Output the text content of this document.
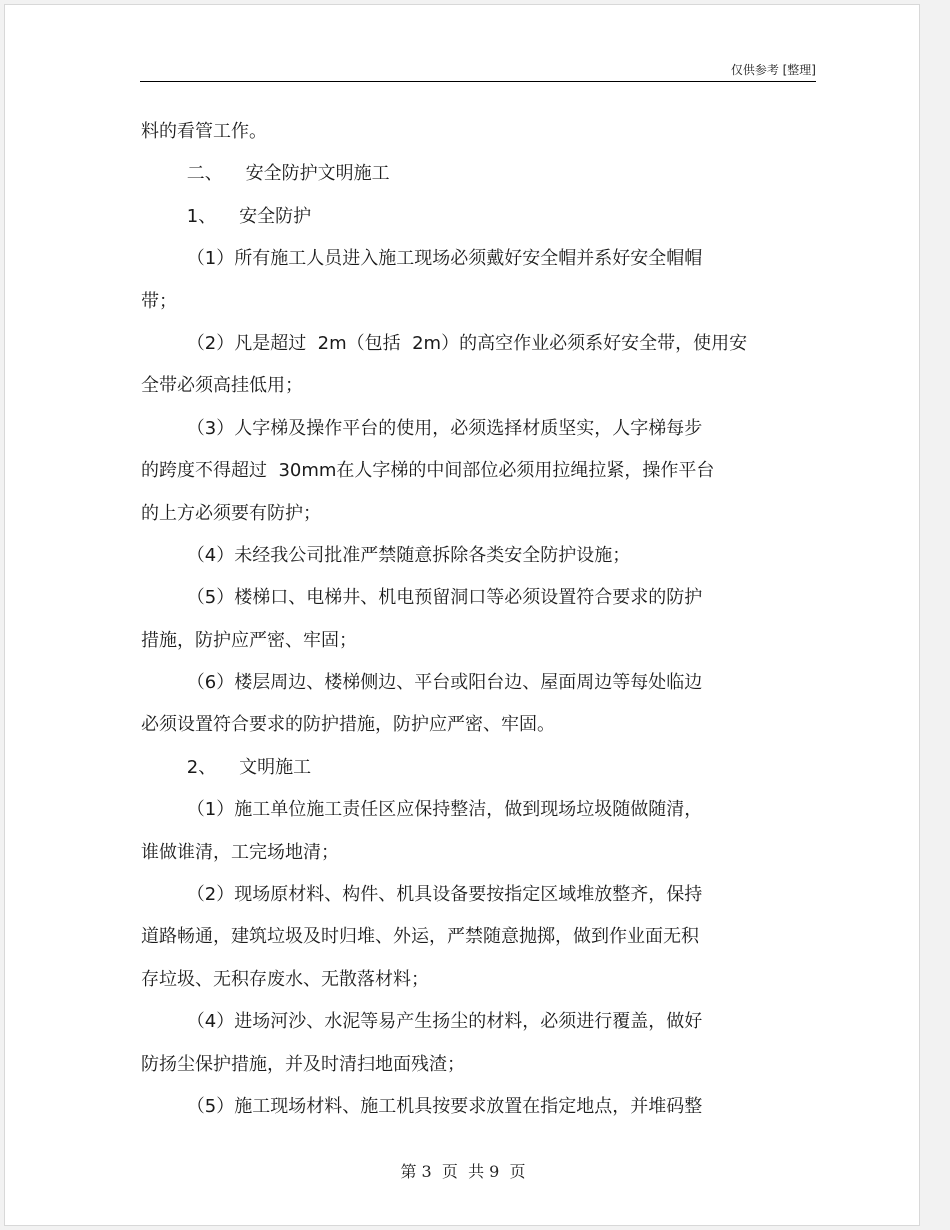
仅供参考 [整理]
料的看管工作。
二、    安全防护文明施工
1、    安全防护
（1）所有施工人员进入施工现场必须戴好安全帽并系好安全帽帽
带；
（2）凡是超过  2m（包括  2m）的高空作业必须系好安全带，使用安
全带必须高挂低用；
（3）人字梯及操作平台的使用，必须选择材质坚实，人字梯每步
的跨度不得超过  30mm在人字梯的中间部位必须用拉绳拉紧，操作平台
的上方必须要有防护；
（4）未经我公司批准严禁随意拆除各类安全防护设施；
（5）楼梯口、电梯井、机电预留洞口等必须设置符合要求的防护
措施，防护应严密、牢固；
（6）楼层周边、楼梯侧边、平台或阳台边、屋面周边等每处临边
必须设置符合要求的防护措施，防护应严密、牢固。
2、    文明施工
（1）施工单位施工责任区应保持整洁，做到现场垃圾随做随清，
谁做谁清，工完场地清；
（2）现场原材料、构件、机具设备要按指定区域堆放整齐，保持
道路畅通，建筑垃圾及时归堆、外运，严禁随意抛掷，做到作业面无积
存垃圾、无积存废水、无散落材料；
（4）进场河沙、水泥等易产生扬尘的材料，必须进行覆盖，做好
防扬尘保护措施，并及时清扫地面残渣；
（5）施工现场材料、施工机具按要求放置在指定地点，并堆码整
第 3  页  共 9  页
